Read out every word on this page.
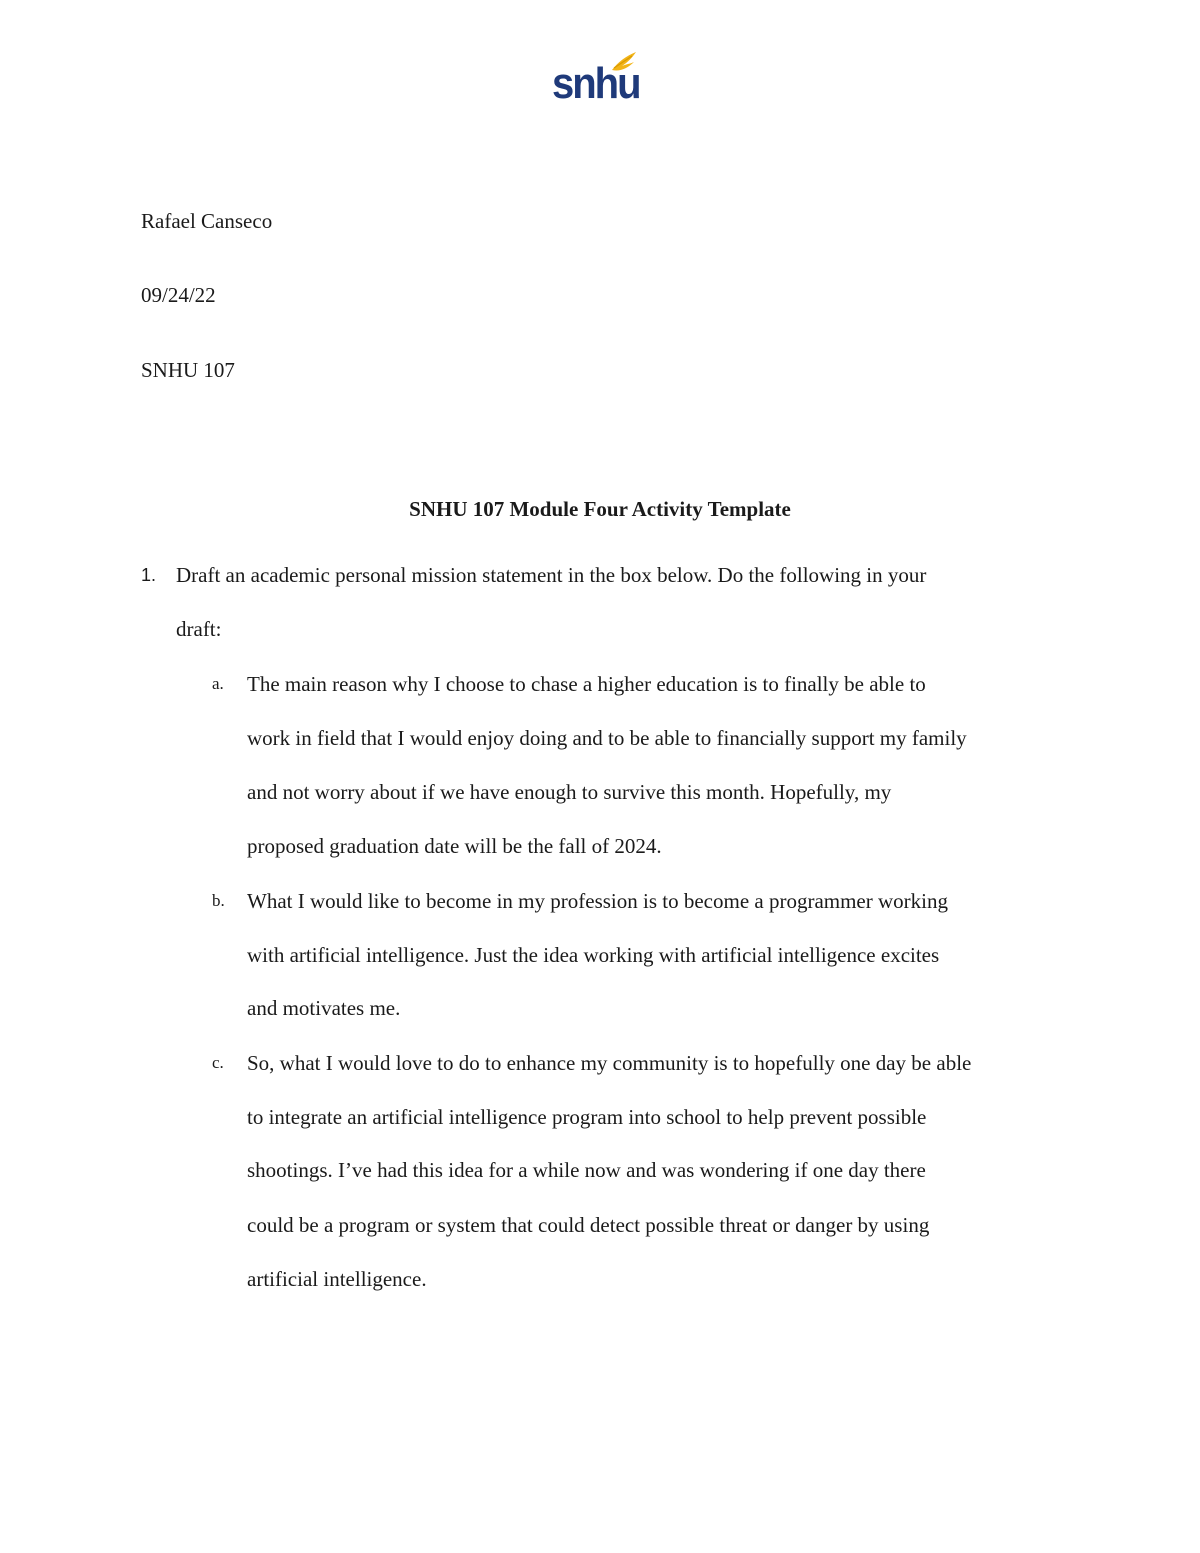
snhu
Rafael Canseco
09/24/22
SNHU 107
SNHU 107 Module Four Activity Template
1. Draft an academic personal mission statement in the box below. Do the following in your
draft:
a. The main reason why I choose to chase a higher education is to finally be able to
work in field that I would enjoy doing and to be able to financially support my family
and not worry about if we have enough to survive this month. Hopefully, my
proposed graduation date will be the fall of 2024.
b. What I would like to become in my profession is to become a programmer working
with artificial intelligence. Just the idea working with artificial intelligence excites
and motivates me.
c. So, what I would love to do to enhance my community is to hopefully one day be able
to integrate an artificial intelligence program into school to help prevent possible
shootings. I’ve had this idea for a while now and was wondering if one day there
could be a program or system that could detect possible threat or danger by using
artificial intelligence.
